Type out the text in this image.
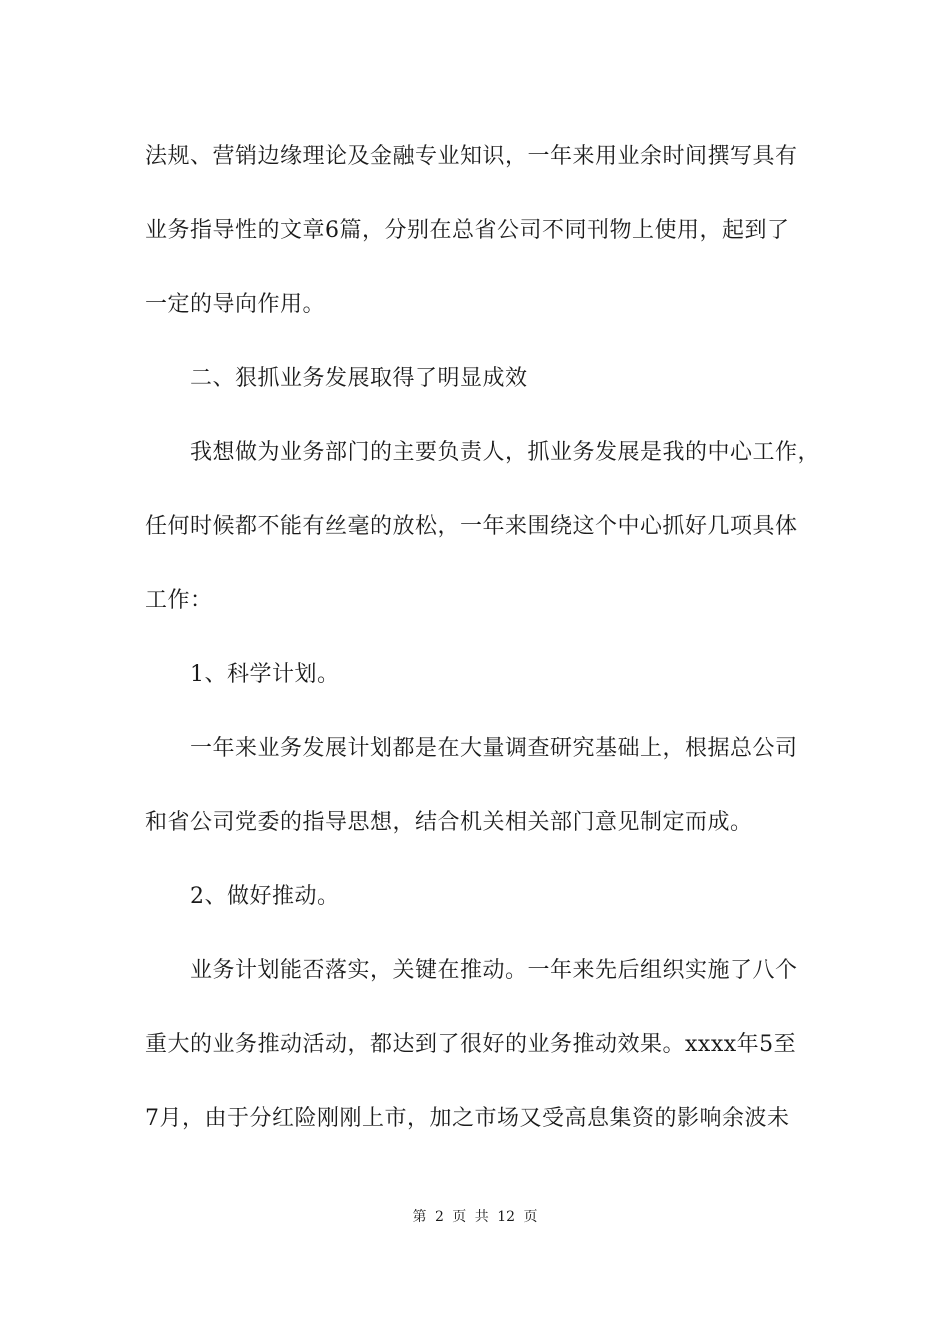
法规、营销边缘理论及金融专业知识，一年来用业余时间撰写具有
业务指导性的文章6篇，分别在总省公司不同刊物上使用，起到了
一定的导向作用。
二、狠抓业务发展取得了明显成效
我想做为业务部门的主要负责人，抓业务发展是我的中心工作，
任何时候都不能有丝毫的放松，一年来围绕这个中心抓好几项具体
工作：
1、科学计划。
一年来业务发展计划都是在大量调查研究基础上，根据总公司
和省公司党委的指导思想，结合机关相关部门意见制定而成。
2、做好推动。
业务计划能否落实，关键在推动。一年来先后组织实施了八个
重大的业务推动活动，都达到了很好的业务推动效果。xxxx年5至
7月，由于分红险刚刚上市，加之市场又受高息集资的影响余波未
第 2 页 共 12 页
